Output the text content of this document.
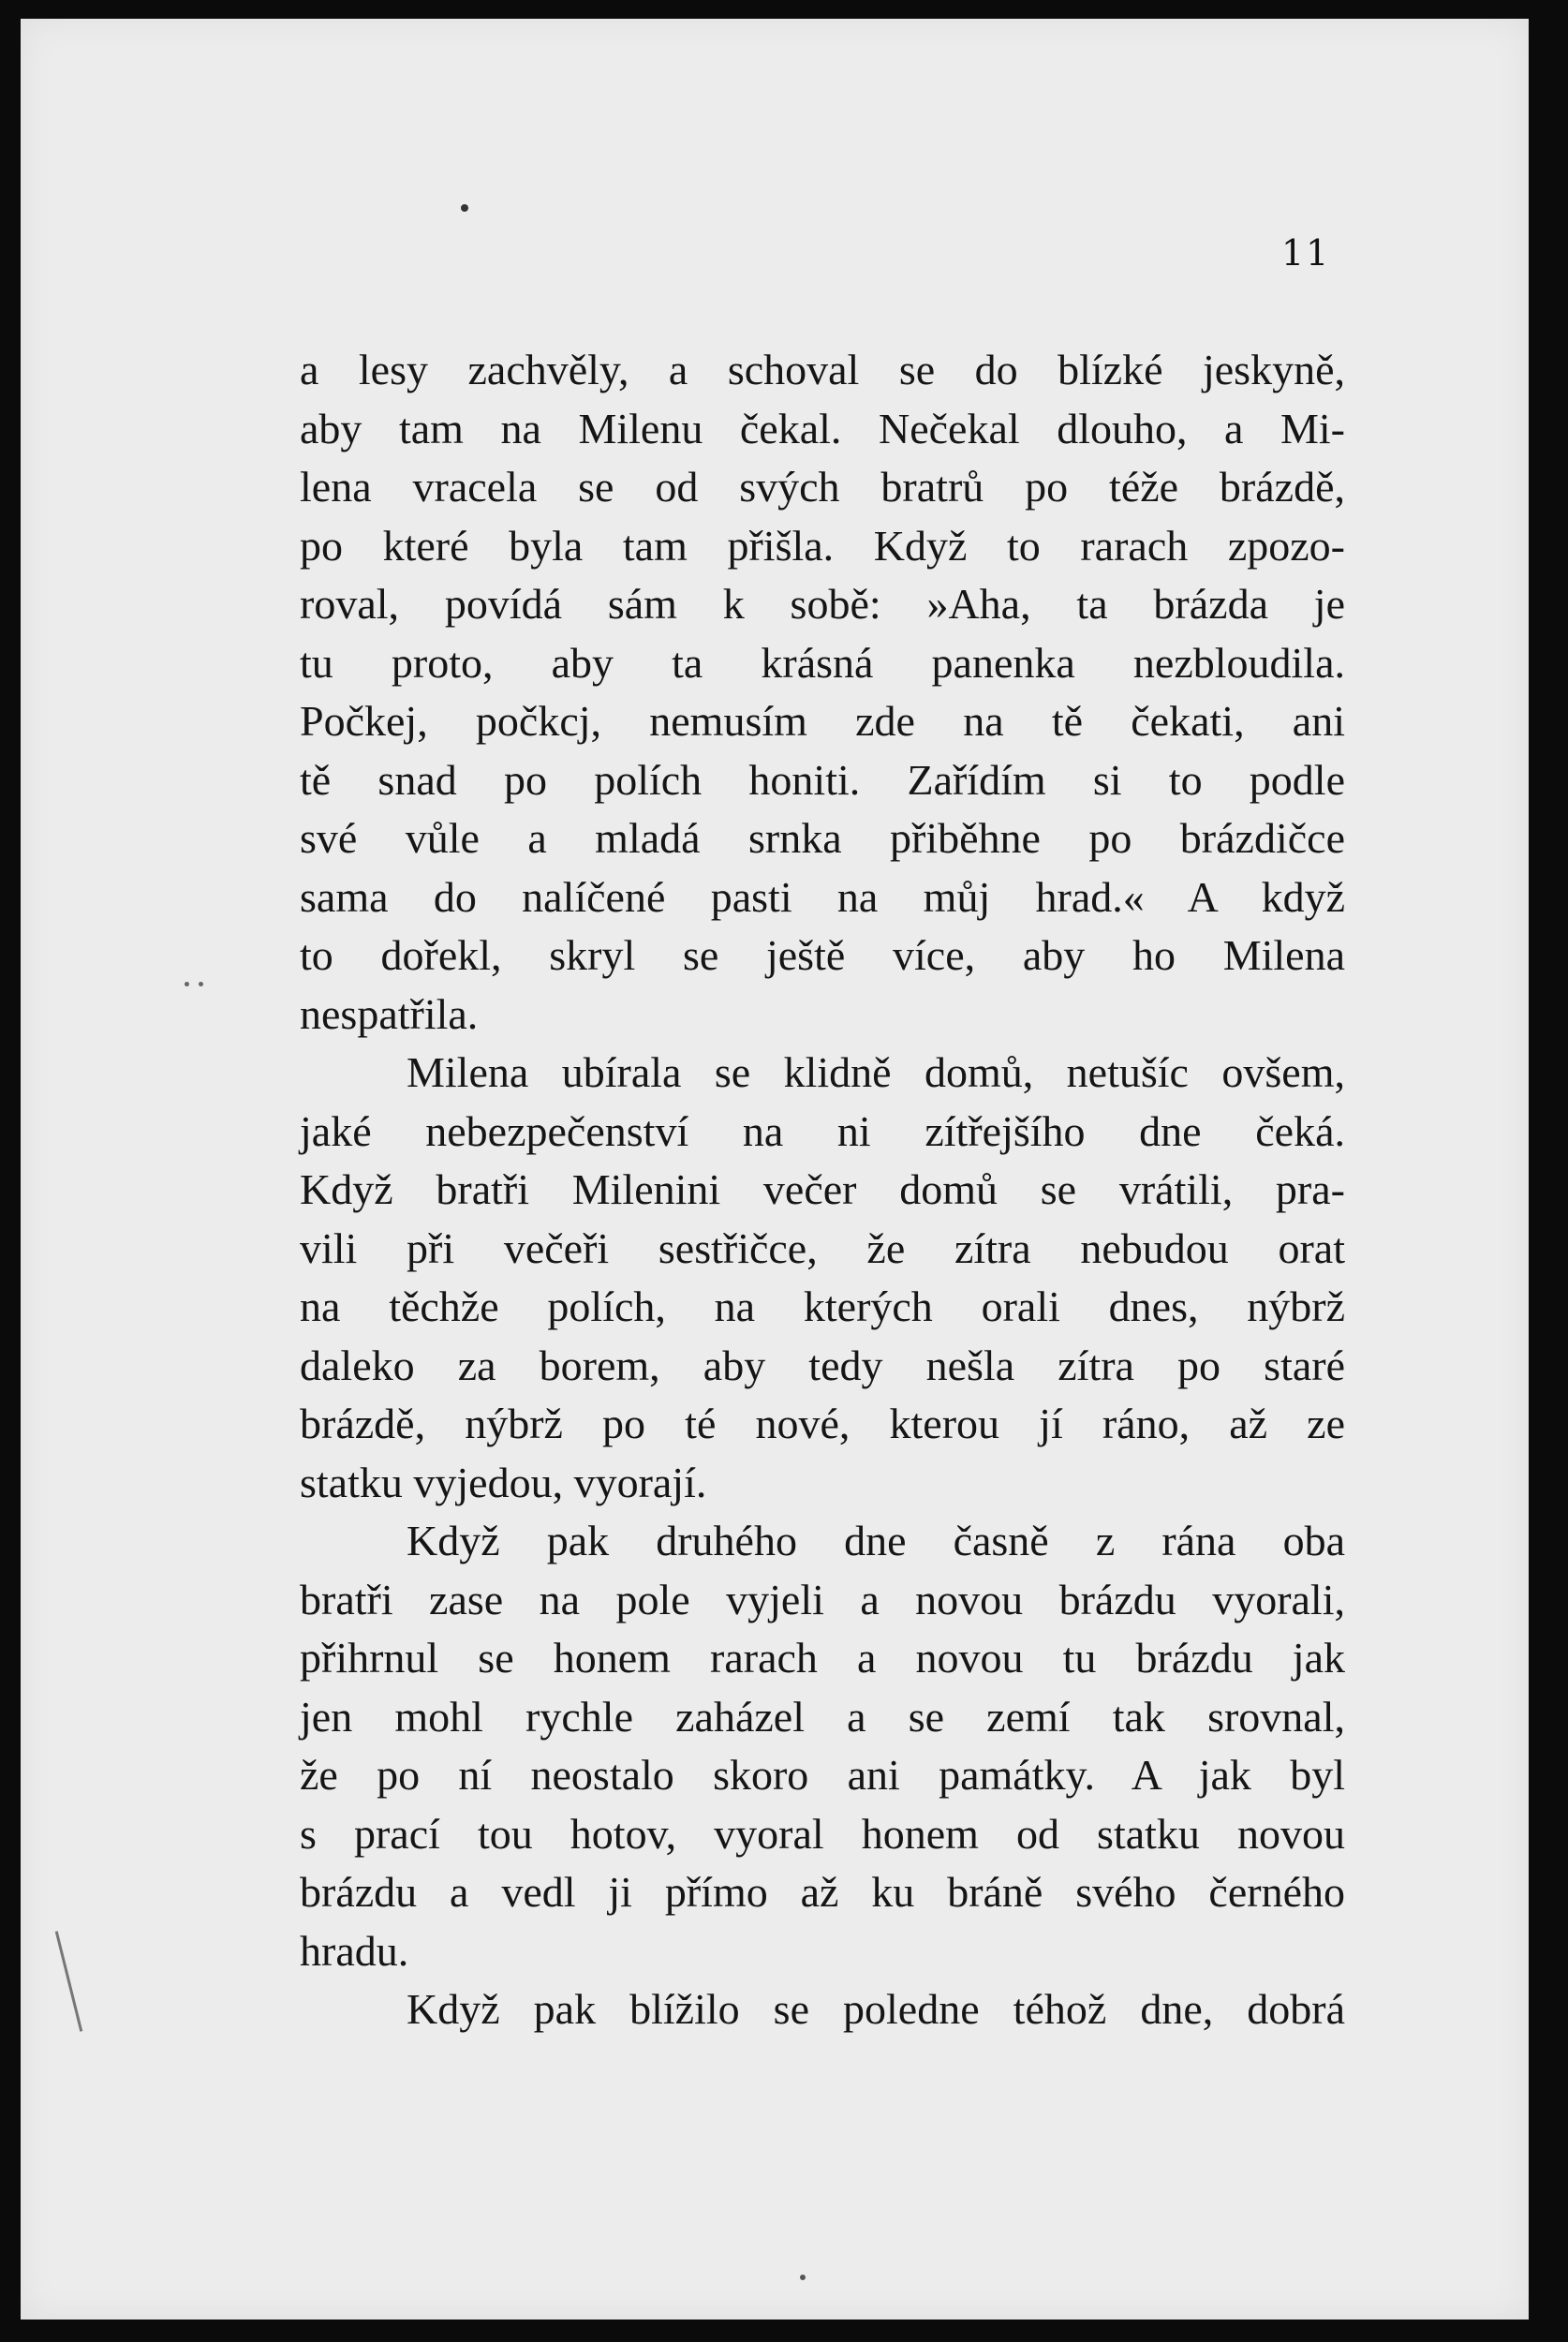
11
a lesy zachvěly, a schoval se do blízké jeskyně,
aby tam na Milenu čekal. Nečekal dlouho, a Mi-
lena vracela se od svých bratrů po téže brázdě,
po které byla tam přišla. Když to rarach zpozo-
roval, povídá sám k sobě: »Aha, ta brázda je
tu proto, aby ta krásná panenka nezbloudila.
Počkej, počkcj, nemusím zde na tě čekati, ani
tě snad po polích honiti. Zařídím si to podle
své vůle a mladá srnka přiběhne po brázdičce
sama do nalíčené pasti na můj hrad.« A když
to dořekl, skryl se ještě více, aby ho Milena
nespatřila.
Milena ubírala se klidně domů, netušíc ovšem,
jaké nebezpečenství na ni zítřejšího dne čeká.
Když bratři Milenini večer domů se vrátili, pra-
vili při večeři sestřičce, že zítra nebudou orat
na těchže polích, na kterých orali dnes, nýbrž
daleko za borem, aby tedy nešla zítra po staré
brázdě, nýbrž po té nové, kterou jí ráno, až ze
statku vyjedou, vyorají.
Když pak druhého dne časně z rána oba
bratři zase na pole vyjeli a novou brázdu vyorali,
přihrnul se honem rarach a novou tu brázdu jak
jen mohl rychle zaházel a se zemí tak srovnal,
že po ní neostalo skoro ani památky. A jak byl
s prací tou hotov, vyoral honem od statku novou
brázdu a vedl ji přímo až ku bráně svého černého
hradu.
Když pak blížilo se poledne téhož dne, dobrá
